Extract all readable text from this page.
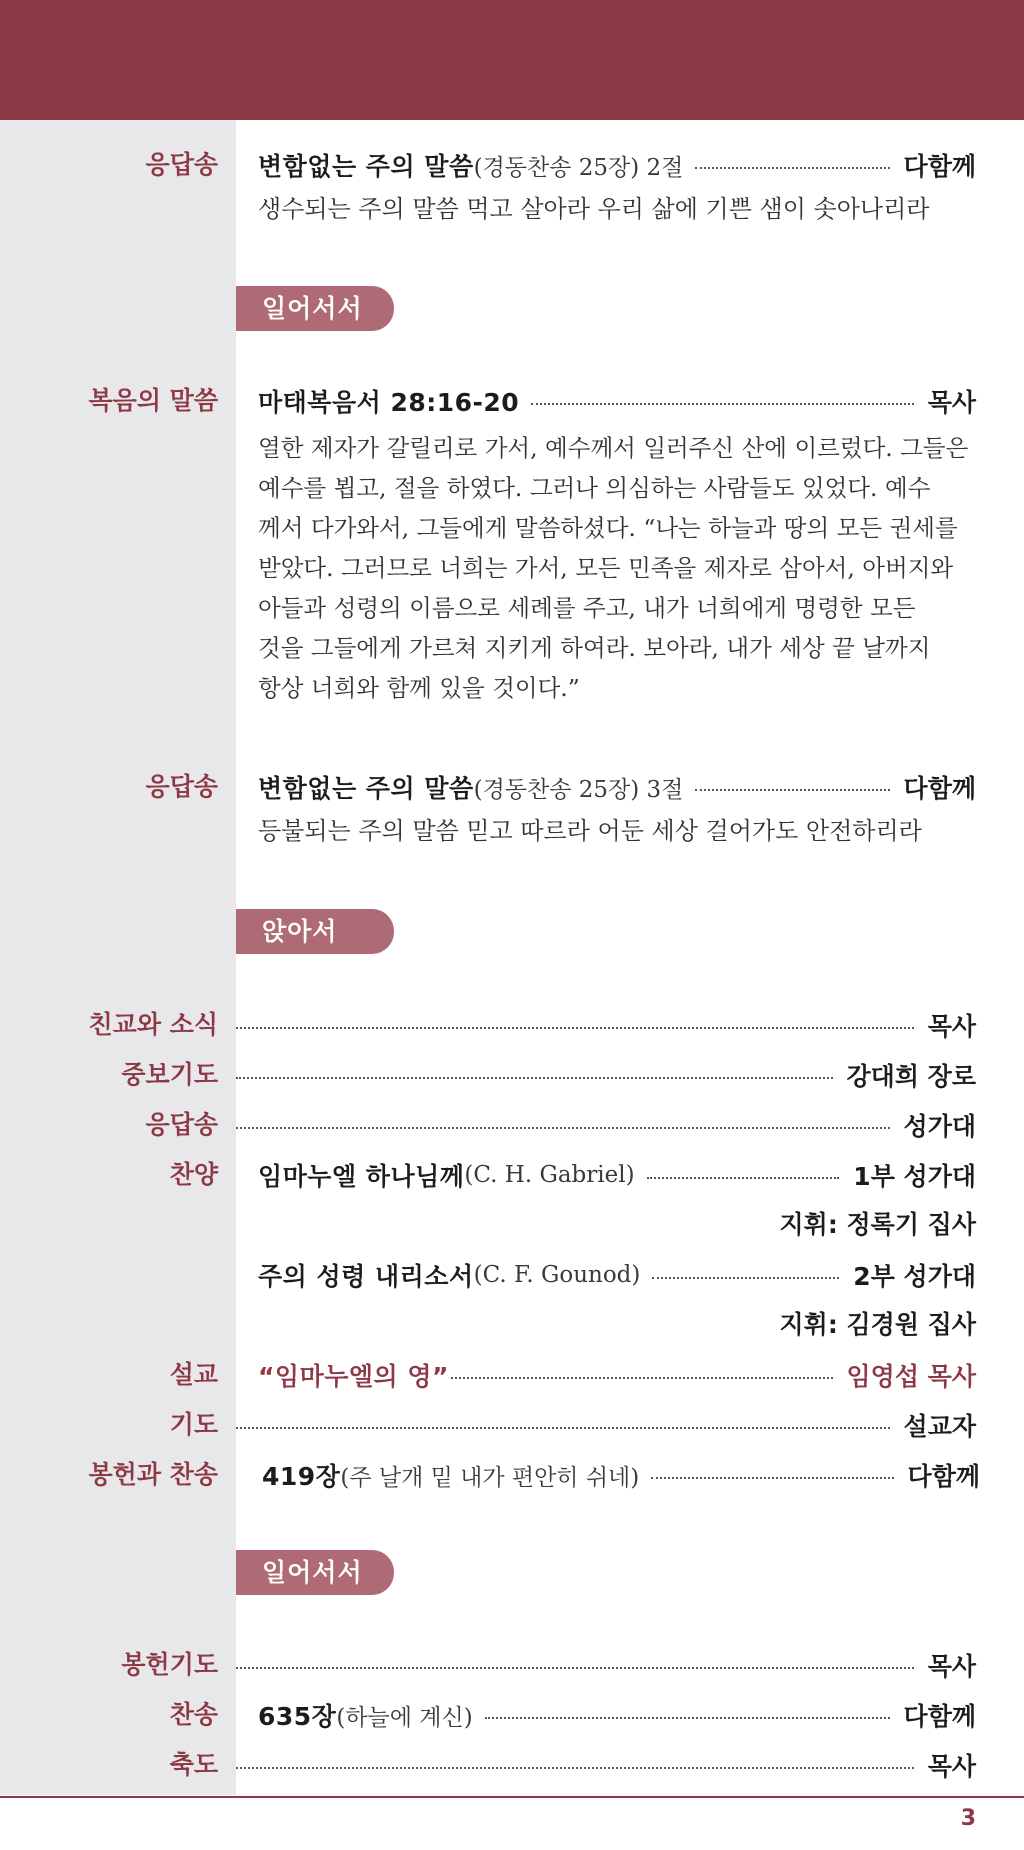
응답송 변함없는 주의 말씀 (경동찬송 25장) 2절	다함께
생수되는 주의 말씀 먹고 살아라 우리 삶에 기쁜 샘이 솟아나리라
일어서서
복음의 말씀 마태복음서 28:16-20	목사
열한 제자가 갈릴리로 가서, 예수께서 일러주신 산에 이르렀다. 그들은
예수를 뵙고, 절을 하였다. 그러나 의심하는 사람들도 있었다. 예수
께서 다가와서, 그들에게 말씀하셨다. “나는 하늘과 땅의 모든 권세를
받았다. 그러므로 너희는 가서, 모든 민족을 제자로 삼아서, 아버지와
아들과 성령의 이름으로 세례를 주고, 내가 너희에게 명령한 모든
것을 그들에게 가르쳐 지키게 하여라. 보아라, 내가 세상 끝 날까지
항상 너희와 함께 있을 것이다.”
응답송 변함없는 주의 말씀 (경동찬송 25장) 3절	다함께
등불되는 주의 말씀 믿고 따르라 어둔 세상 걸어가도 안전하리라
앉아서
친교와 소식	목사
중보기도	강대희 장로
응답송	성가대
찬양 임마누엘 하나님께 (C. H. Gabriel)	1부 성가대
지휘: 정록기 집사
주의 성령 내리소서 (C. F. Gounod)	2부 성가대
지휘: 김경원 집사
설교 “임마누엘의 영”	임영섭 목사
기도	설교자
봉헌과 찬송 419장 (주 날개 밑 내가 편안히 쉬네)	다함께
일어서서
봉헌기도	목사
찬송 635장 (하늘에 계신)	다함께
축도	목사
3
